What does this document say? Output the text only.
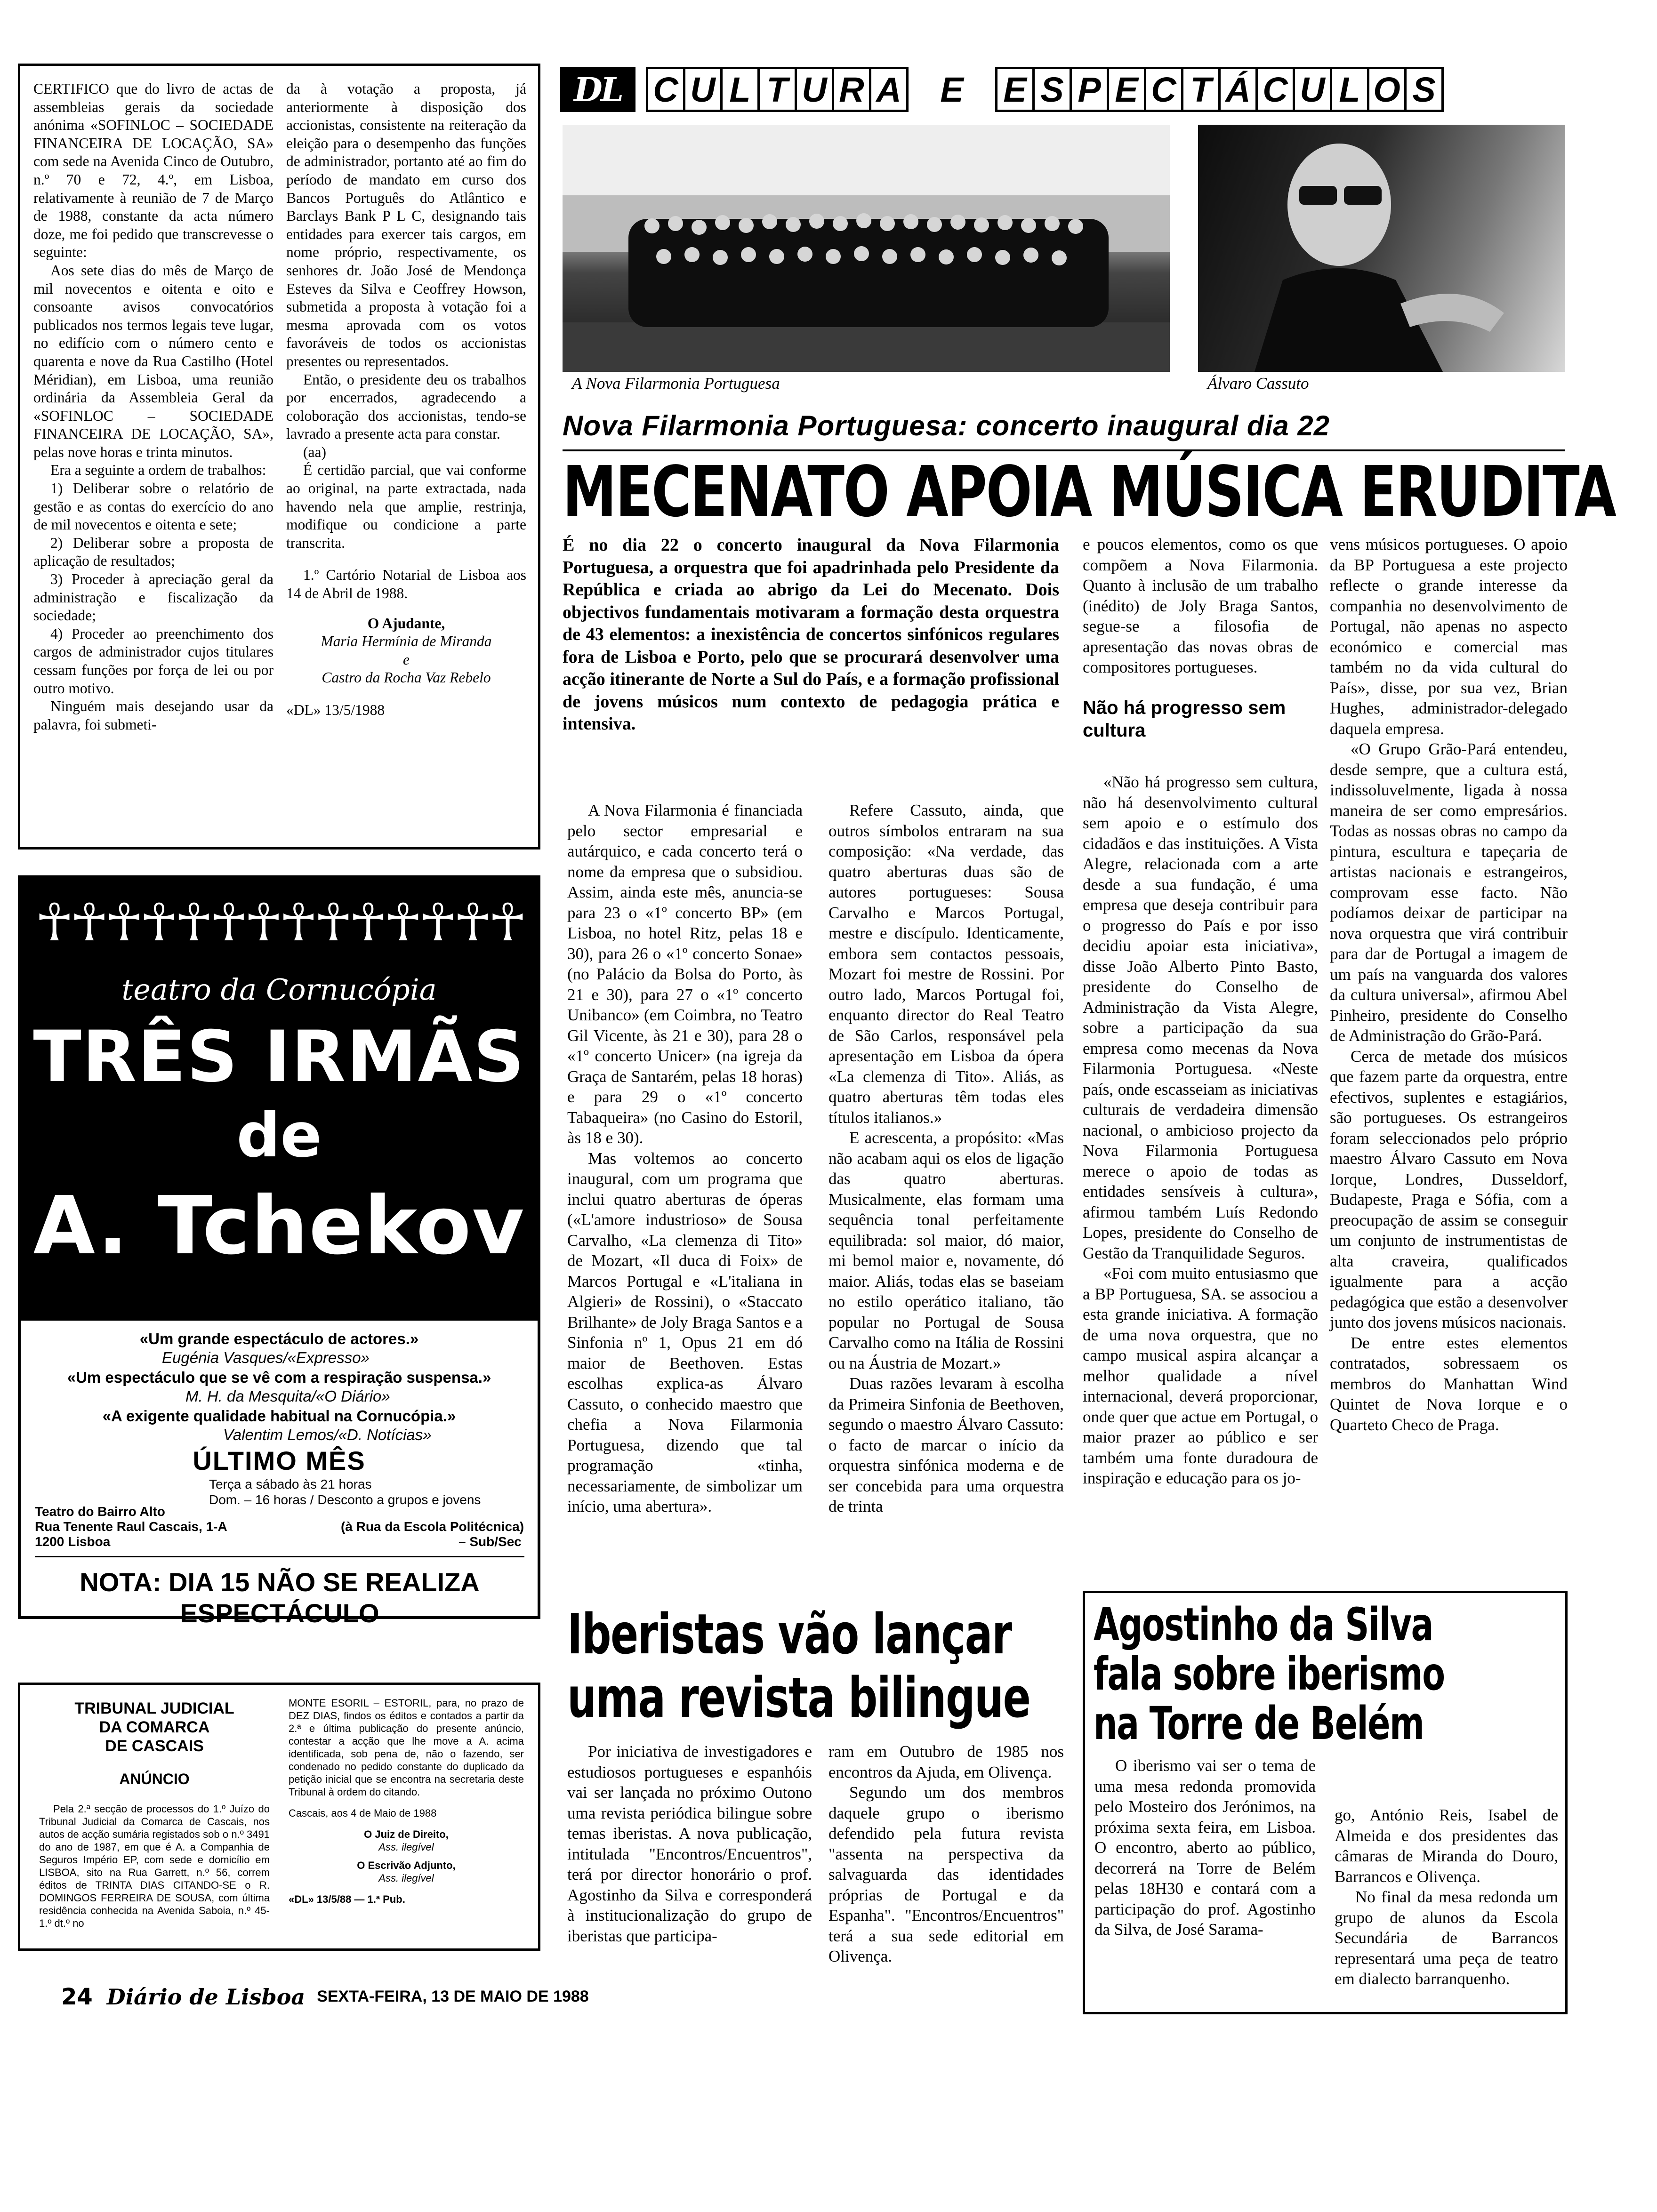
CERTIFICO que do livro de actas de assembleias gerais da sociedade anónima «SOFINLOC – SOCIEDADE FINANCEIRA DE LOCAÇÃO, SA» com sede na Avenida Cinco de Outubro, n.º 70 e 72, 4.º, em Lisboa, relativamente à reunião de 7 de Março de 1988, constante da acta número doze, me foi pedido que transcrevesse o seguinte:

Aos sete dias do mês de Março de mil novecentos e oitenta e oito e consoante avisos convocatórios publicados nos termos legais teve lugar, no edifício com o número cento e quarenta e nove da Rua Castilho (Hotel Méridian), em Lisboa, uma reunião ordinária da Assembleia Geral da «SOFINLOC – SOCIEDADE FINANCEIRA DE LOCAÇÃO, SA», pelas nove horas e trinta minutos.

Era a seguinte a ordem de trabalhos:

1) Deliberar sobre o relatório de gestão e as contas do exercício do ano de mil novecentos e oitenta e sete;

2) Deliberar sobre a proposta de aplicação de resultados;

3) Proceder à apreciação geral da administração e fiscalização da sociedade;

4) Proceder ao preenchimento dos cargos de administrador cujos titulares cessam funções por força de lei ou por outro motivo.

Ninguém mais desejando usar da palavra, foi submeti-

da à votação a proposta, já anteriormente à disposição dos accionistas, consistente na reiteração da eleição para o desempenho das funções de administrador, portanto até ao fim do período de mandato em curso dos Bancos Português do Atlântico e Barclays Bank P L C, designando tais entidades para exercer tais cargos, em nome próprio, respectivamente, os senhores dr. João José de Mendonça Esteves da Silva e Ceoffrey Howson, submetida a proposta à votação foi a mesma aprovada com os votos favoráveis de todos os accionistas presentes ou representados.

Então, o presidente deu os trabalhos por encerrados, agradecendo a coloboração dos accionistas, tendo-se lavrado a presente acta para constar.

(aa)

É certidão parcial, que vai conforme ao original, na parte extractada, nada havendo nela que amplie, restrinja, modifique ou condicione a parte transcrita.

1.º Cartório Notarial de Lisboa aos 14 de Abril de 1988.

O Ajudante,

Maria Hermínia de Miranda

e

Castro da Rocha Vaz Rebelo

«DL» 13/5/1988

DL C U L T U R A E E S P E C T Á C U L O S
A Nova Filarmonia Portuguesa	Álvaro Cassuto
Nova Filarmonia Portuguesa: concerto inaugural dia 22
MECENATO APOIA MÚSICA ERUDITA
É no dia 22 o concerto inaugural da Nova Filarmonia Portuguesa, a orquestra que foi apadrinhada pelo Presidente da República e criada ao abrigo da Lei do Mecenato. Dois objectivos fundamentais motivaram a formação desta orquestra de 43 elementos: a inexistência de concertos sinfónicos regulares fora de Lisboa e Porto, pelo que se procurará desenvolver uma acção itinerante de Norte a Sul do País, e a formação profissional de jovens músicos num contexto de pedagogia prática e intensiva.

e poucos elementos, como os que compõem a Nova Filarmonia. Quanto à inclusão de um trabalho (inédito) de Joly Braga Santos, segue-se a filosofia de apresentação das novas obras de compositores portugueses.

Não há progresso sem cultura

A Nova Filarmonia é financiada pelo sector empresarial e autárquico, e cada concerto terá o nome da empresa que o subsidiou. Assim, ainda este mês, anuncia-se para 23 o «1º concerto BP» (em Lisboa, no hotel Ritz, pelas 18 e 30), para 26 o «1º concerto Sonae» (no Palácio da Bolsa do Porto, às 21 e 30), para 27 o «1º concerto Unibanco» (em Coimbra, no Teatro Gil Vicente, às 21 e 30), para 28 o «1º concerto Unicer» (na igreja da Graça de Santarém, pelas 18 horas) e para 29 o «1º concerto Tabaqueira» (no Casino do Estoril, às 18 e 30).

Mas voltemos ao concerto inaugural, com um programa que inclui quatro aberturas de óperas («L'amore industrioso» de Sousa Carvalho, «La clemenza di Tito» de Mozart, «Il duca di Foix» de Marcos Portugal e «L'italiana in Algieri» de Rossini), o «Staccato Brilhante» de Joly Braga Santos e a Sinfonia nº 1, Opus 21 em dó maior de Beethoven. Estas escolhas explica-as Álvaro Cassuto, o conhecido maestro que chefia a Nova Filarmonia Portuguesa, dizendo que tal programação «tinha, necessariamente, de simbolizar um início, uma abertura».

Refere Cassuto, ainda, que outros símbolos entraram na sua composição: «Na verdade, das quatro aberturas duas são de autores portugueses: Sousa Carvalho e Marcos Portugal, mestre e discípulo. Identicamente, embora sem contactos pessoais, Mozart foi mestre de Rossini. Por outro lado, Marcos Portugal foi, enquanto director do Real Teatro de São Carlos, responsável pela apresentação em Lisboa da ópera «La clemenza di Tito». Aliás, as quatro aberturas têm todas eles títulos italianos.»

E acrescenta, a propósito: «Mas não acabam aqui os elos de ligação das quatro aberturas. Musicalmente, elas formam uma sequência tonal perfeitamente equilibrada: sol maior, dó maior, mi bemol maior e, novamente, dó maior. Aliás, todas elas se baseiam no estilo operático italiano, tão popular no Portugal de Sousa Carvalho como na Itália de Rossini ou na Áustria de Mozart.»

Duas razões levaram à escolha da Primeira Sinfonia de Beethoven, segundo o maestro Álvaro Cassuto: o facto de marcar o início da orquestra sinfónica moderna e de ser concebida para uma orquestra de trinta

«Não há progresso sem cultura, não há desenvolvimento cultural sem apoio e o estímulo dos cidadãos e das instituições. A Vista Alegre, relacionada com a arte desde a sua fundação, é uma empresa que deseja contribuir para o progresso do País e por isso decidiu apoiar esta iniciativa», disse João Alberto Pinto Basto, presidente do Conselho de Administração da Vista Alegre, sobre a participação da sua empresa como mecenas da Nova Filarmonia Portuguesa. «Neste país, onde escasseiam as iniciativas culturais de verdadeira dimensão nacional, o ambicioso projecto da Nova Filarmonia Portuguesa merece o apoio de todas as entidades sensíveis à cultura», afirmou também Luís Redondo Lopes, presidente do Conselho de Gestão da Tranquilidade Seguros.

«Foi com muito entusiasmo que a BP Portuguesa, SA. se associou a esta grande iniciativa. A formação de uma nova orquestra, que no campo musical aspira alcançar a melhor qualidade a nível internacional, deverá proporcionar, onde quer que actue em Portugal, o maior prazer ao público e ser também uma fonte duradoura de inspiração e educação para os jo-

vens músicos portugueses. O apoio da BP Portuguesa a este projecto reflecte o grande interesse da companhia no desenvolvimento de Portugal, não apenas no aspecto económico e comercial mas também no da vida cultural do País», disse, por sua vez, Brian Hughes, administrador-delegado daquela empresa.

«O Grupo Grão-Pará entendeu, desde sempre, que a cultura está, indissoluvelmente, ligada à nossa maneira de ser como empresários. Todas as nossas obras no campo da pintura, escultura e tapeçaria de artistas nacionais e estrangeiros, comprovam esse facto. Não podíamos deixar de participar na nova orquestra que virá contribuir para dar de Portugal a imagem de um país na vanguarda dos valores da cultura universal», afirmou Abel Pinheiro, presidente do Conselho de Administração do Grão-Pará.

Cerca de metade dos músicos que fazem parte da orquestra, entre efectivos, suplentes e estagiários, são portugueses. Os estrangeiros foram seleccionados pelo próprio maestro Álvaro Cassuto em Nova Iorque, Londres, Dusseldorf, Budapeste, Praga e Sófia, com a preocupação de assim se conseguir um conjunto de instrumentistas de alta craveira, qualificados igualmente para a acção pedagógica que estão a desenvolver junto dos jovens músicos nacionais.

De entre estes elementos contratados, sobressaem os membros do Manhattan Wind Quintet de Nova Iorque e o Quarteto Checo de Praga.

☥☥☥☥☥☥☥☥☥☥☥☥☥☥
teatro da Cornucópia
TRÊS IRMÃS
de
A. Tchekov
«Um grande espectáculo de actores.»
Eugénia Vasques/«Expresso»
«Um espectáculo que se vê com a respiração suspensa.»
M. H. da Mesquita/«O Diário»
«A exigente qualidade habitual na Cornucópia.»
Valentim Lemos/«D. Notícias»
ÚLTIMO MÊS
Terça a sábado às 21 horas
Dom. – 16 horas / Desconto a grupos e jovens
Teatro do Bairro Alto
Rua Tenente Raul Cascais, 1-A	(à Rua da Escola Politécnica)
1200 Lisboa	– Sub/Sec
NOTA: DIA 15 NÃO SE REALIZA ESPECTÁCULO
TRIBUNAL JUDICIAL
DA COMARCA
DE CASCAIS
ANÚNCIO
Pela 2.ª secção de processos do 1.º Juízo do Tribunal Judicial da Comarca de Cascais, nos autos de acção sumária registados sob o n.º 3491 do ano de 1987, em que é A. a Companhia de Seguros Império EP, com sede e domicílio em LISBOA, sito na Rua Garrett, n.º 56, correm éditos de TRINTA DIAS CITANDO-SE o R. DOMINGOS FERREIRA DE SOUSA, com última residência conhecida na Avenida Saboia, n.º 45-1.º dt.º no
MONTE ESORIL – ESTORIL, para, no prazo de DEZ DIAS, findos os éditos e contados a partir da 2.ª e última publicação do presente anúncio, contestar a acção que lhe move a A. acima identificada, sob pena de, não o fazendo, ser condenado no pedido constante do duplicado da petição inicial que se encontra na secretaria deste Tribunal à ordem do citando.
Cascais, aos 4 de Maio de 1988
O Juiz de Direito,
Ass. ilegível
O Escrivão Adjunto,
Ass. ilegível
«DL» 13/5/88 — 1.ª Pub.
Iberistas vão lançar
uma revista bilingue

Por iniciativa de investigadores e estudiosos portugueses e espanhóis vai ser lançada no próximo Outono uma revista periódica bilingue sobre temas iberistas. A nova publicação, intitulada "Encontros/Encuentros", terá por director honorário o prof. Agostinho da Silva e corresponderá à institucionalização do grupo de iberistas que participa-

ram em Outubro de 1985 nos encontros da Ajuda, em Olivença.

Segundo um dos membros daquele grupo o iberismo defendido pela futura revista "assenta na perspectiva da salvaguarda das identidades próprias de Portugal e da Espanha". "Encontros/Encuentros" terá a sua sede editorial em Olivença.

Agostinho da Silva
fala sobre iberismo
na Torre de Belém

O iberismo vai ser o tema de uma mesa redonda promovida pelo Mosteiro dos Jerónimos, na próxima sexta feira, em Lisboa. O encontro, aberto ao público, decorrerá na Torre de Belém pelas 18H30 e contará com a participação do prof. Agostinho da Silva, de José Sarama-

go, António Reis, Isabel de Almeida e dos presidentes das câmaras de Miranda do Douro, Barrancos e Olivença.

No final da mesa redonda um grupo de alunos da Escola Secundária de Barrancos representará uma peça de teatro em dialecto barranquenho.

24 Diário de Lisboa SEXTA-FEIRA, 13 DE MAIO DE 1988
